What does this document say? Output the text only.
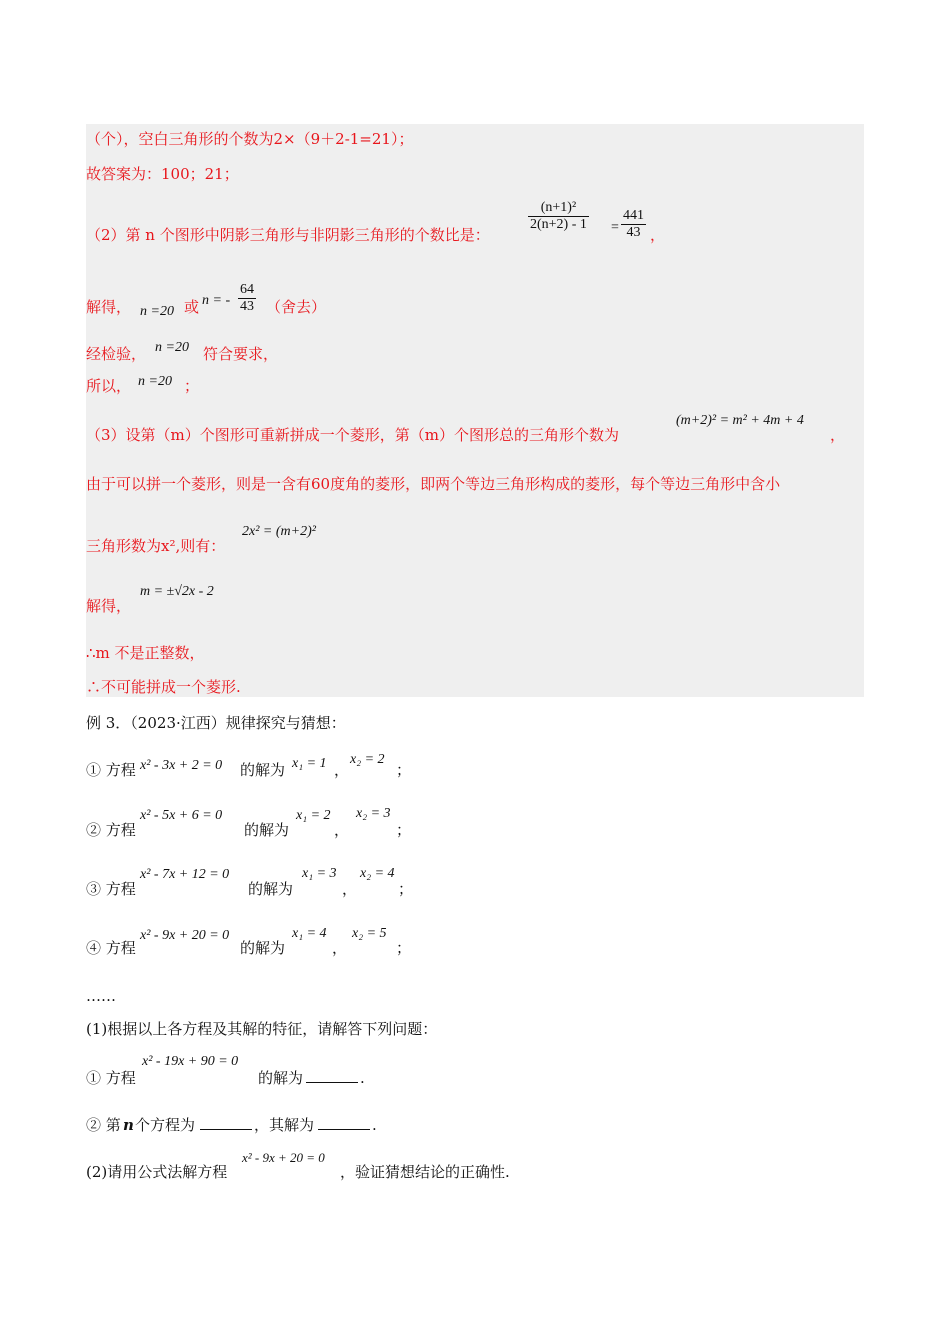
（个），空白三角形的个数为2×（9＋2-1=21）；
故答案为：100；21；
（2）第 n 个图形中阴影三角形与非阴影三角形的个数比是：
$\frac{\text{(n+1)²}}{2(n+2) - 1} = \frac{441}{43}$ ，
解得， n =20 或 n = - $\frac{64}{43}$ （舍去）
经检验， n =20 符合要求，
所以， n =20 ；
（3）设第（m）个图形可重新拼成一个菱形，第（m）个图形总的三角形个数为
(m+2)² = m² + 4m + 4
，
由于可以拼一个菱形，则是一含有60度角的菱形，即两个等边三角形构成的菱形，每个等边三角形中含小
三角形数为x²,则有：
2x² = (m+2)²
解得，
m = ±√2x - 2
∴m 不是正整数，
∴不可能拼成一个菱形.
例 3．（2023·江西）规律探究与猜想：
① 方程 x² - 3x + 2 = 0 的解为 x₁ = 1 ，
x₂ = 2
；
② 方程
x² - 5x + 6 = 0
的解为
x₁ = 2
，
x₂ = 3
；
③ 方程
x² - 7x + 12 = 0
的解为
x₁ = 3
，
x₂ = 4
；
④ 方程
x² - 9x + 20 = 0
的解为
x₁ = 4
，
x₂ = 5
；
……
(1)根据以上各方程及其解的特征，请解答下列问题：
① 方程
x² - 19x + 90 = 0
的解为	.
② 第 n 个方程为	，其解为	.
(2)请用公式法解方程
x² - 9x + 20 = 0
，验证猜想结论的正确性.
